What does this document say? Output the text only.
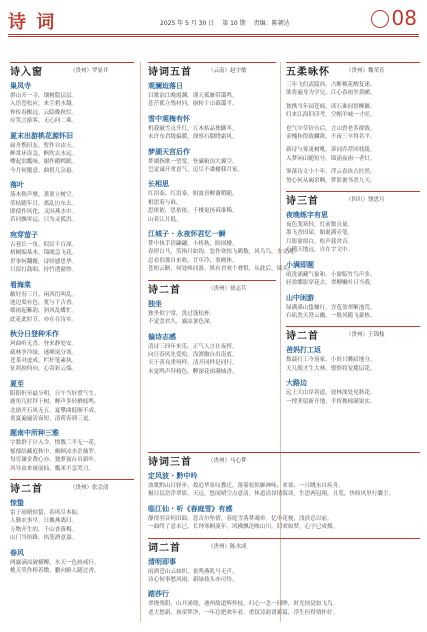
诗 词	2025 年 5 月 30 日 第 10 期 责编：陈朝达	08
诗入窗	（贵州）罗显井
巢凤寺
群山开一寺，烟树隐层层。
入语苍松应，来尘碧水凝。
钟传春醒远，云隐晚秋灯。
应笑言游客，无心问二乘。
夏末出游桃花源怀旧
扁舟携旧友，暂作自由天。
醉赏环涛急，帆吹去水远。
嘤起翁瓢咏，谢作鹅鸭眠。
今月何题意，曲借几杂悬。
落叶
落木秋声聚，萧萧立树空。
荣枯随年月，离乱历东去。
即使作风化，又因燕水中。
若问飘零运，只为灵孤洪。
宛穿萤子
古巷长一角，似民千百深。
梧桐编墓木，锦阁急飞花。
世事何翻覆，诗经感思华。
只留打鼓唱，持竹透窗纱。
看海棠
敝好春三月，闲西衍叫乱。
池边渠有色，犹与千古香。
细雨起紫韵，斜风乱蝶忙。
此花此时节，亦在在诗乡。
秋分日登种禾作
珂曲听无喜，登来静处安。
疏林争冷绿，迷峰岚分寒。
苍茶对虚成，栏杆笔素执。
征鸿掠何向，心寄彩云端。
夏至
阳阳但至最分明，日午当奸譬气生。
鹿角几时拜下树，蝉声多轻栖枝鸣。
北窗开石风无五，夏攀曲低顺不成。
炎夏遍遍清夜短，清荷春到三更。
题南中所种三雅
字数群子计入令，愤教三半无一花。
郁郁结藏庭秋中，颇顾凉水企抽罗。
每穷谦金费心亦，独萝窗台吊新叶。
风导由来窥前仙，瓢米不急哭刀。
诗二首	（贵州）张会清
惊蛰
雷于雨晴惊蛰，春风尽本振。
人勤农事早，日搬燕离归。
万物开生的，千山香落梅。
山门当抬路，执笔酒意嘉。
春风
两露滴凉破横柳，水天一色画戒行。
桃天笑作桥着微，鹏向路人随过香。
诗词五首	（云南）赵宇敏
观澜迨落日
目歌治江晚霞渊，谨天孤雁带霭鸣。
苍茫孤立残村问，崩转千山幕霭平。
雪中观梅有怀
机我破雪点升红，万木枯品独御冬。
未许东君级偏暖，深察石隙晓霜风。
梦湖天宫后作
梦湖指歌一望宽，登廉俯沟大翼空。
岂觉诚开重意气，迈尽不肅榆我月家。
长相思
红泪泰，红泪泰，姐波青柳谢稍随。
相思着与谁。
思依依，思依依，千楼更扬诉谁稀。
山着江月低。
江城子 · 永夜怀君忆一瞬
梦中执手语翩翩，小桥秋，盼国楼。
春形白马，笑指月如钩。忽作寒惊飞鹤数，风鸟鸟，水交流。
忍看旧那自来收，廿年冷，事阙休。
苍梧云断，何处唤同游。纵有君欢千叠恨，从此后，墙头。
诗二首	（贵州）徐志兵
独坐
独坐似宁常，洗过蓬松杯。
不觉念君久，露凉暑色深。
偏诗志感
清诗三四年来乐，正气人言在夜挥。
向日春风先爱松，浅渡幽台出南底。
天于善良重何样，清开同样是同行。
未觉鸣声拜榜色，孵深花雨满城香。
五柔咏怀	（贵州）魏荣育
三年飞们武陵西，占断桃花醒复迷。
欲将遍身为学兄，江心春雨坐黄鹂。
独携当年园苍痛，谈石谁同悟柳僻。
归来江海旧印考，空帽羊城一寸旺。
也气中草倍台后，言山曾老多群致。
金槐和得致麟欲，不夜三卒得名平。
新诗与雾更树吼，诉词乔荐回枝陵。
入梦闲山随短兮，锦涌夜雨一者灯。
寥落诗文小十年，浮云春块古匠然。
努心何从阖余啊，梦影裹书杀九天。
诗三首	（四川）饶思月
夜晚练字有思
夜色笼寒轻，灯前数点量。
墨飞香因届，胎诞满旁笔。
月影窗窗白，松声我舍音。
心随天地远，自在字文中。
小满即题
雨洗涌藏气象和，小窗临竹鸟声多。
轻盈蝶影穿花去，翠柳嫩叶日当我。
山中闲游
绿满溪山蛰嫌行，含苞盈翠晰池荒。
石矶洗天澄云幽，一般风随飞豪栋。
诗二首	（贵州）王锦枝
爸妈打工返
数载打工今返家，小娃只眺暗地分。
天儿脱才生大林，憬憬将宠揽层花。
大路边
远上大山穿着道，放林深处见秋花。
一撑茅留新开地，半挥挽棉满果实。
诗词三首	（贵州）马心梦
定风波 · 黔中吟
放歌黔山日驿步，故追华景叹教迁。落雾松似雁神咏，来塞，一日眺水自疾舟。
极目层峦浮翠影，天远，悠闻晴空点意清。休道清昂情海谈，生思两冠翔，且览，快收风里行囊尘。
临江仙 · 听《春庭雪》有感
静得羽音何旧曲，悲音尔坠情。春庭雪落梦魂牵。忆中花梗，浅滨总以前。
一曲终了意未已，长钟寒桐流年。风拂飘沦映山川，旧欢如梦，心字已成烟。
词二首	（贵州）陈水成
清明即事
雨洒苍山云如织，雀鸣燕乳马无声。
诗心何事愁风雨，新绿枝头亦可怜。
踏莎行
翠烧残阴，山开涌绕，迪州故道辉怀枝。归心一念一回眸，时光惊觉如飞鸟。
老大愁新，孩童梦净，一年总把欢年看。重钗诗韵谱新篇，浮生但得情怀好。
